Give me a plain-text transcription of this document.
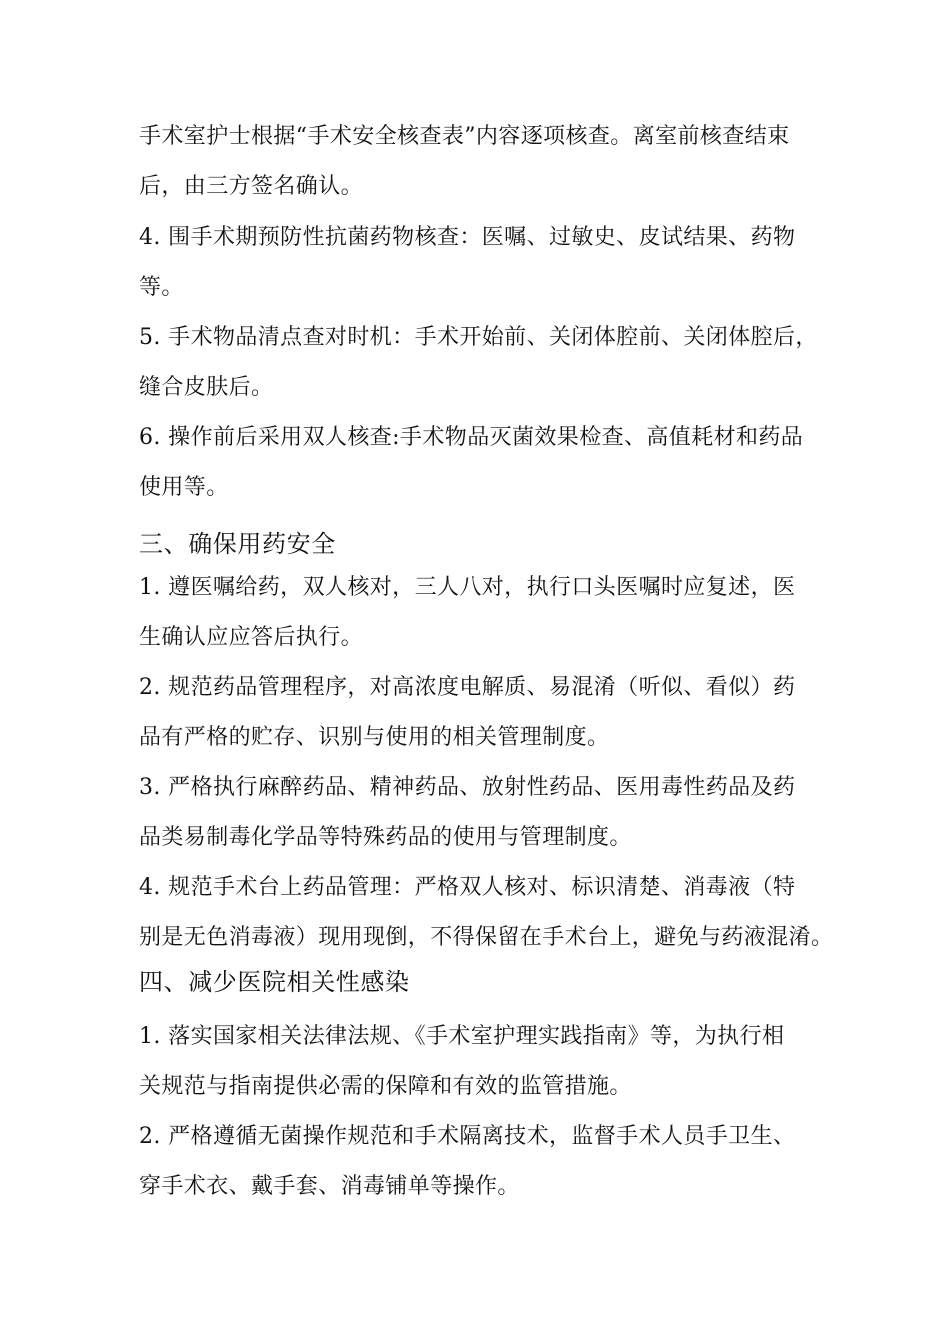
手术室护士根据“手术安全核查表”内容逐项核查。离室前核查结束
后，由三方签名确认。
4. 围手术期预防性抗菌药物核查：医嘱、过敏史、皮试结果、药物
等。
5. 手术物品清点查对时机：手术开始前、关闭体腔前、关闭体腔后，
缝合皮肤后。
6. 操作前后采用双人核查:手术物品灭菌效果检查、高值耗材和药品
使用等。
三、确保用药安全
1. 遵医嘱给药，双人核对，三人八对，执行口头医嘱时应复述，医
生确认应应答后执行。
2. 规范药品管理程序，对高浓度电解质、易混淆（听似、看似）药
品有严格的贮存、识别与使用的相关管理制度。
3. 严格执行麻醉药品、精神药品、放射性药品、医用毒性药品及药
品类易制毒化学品等特殊药品的使用与管理制度。
4. 规范手术台上药品管理：严格双人核对、标识清楚、消毒液（特
别是无色消毒液）现用现倒，不得保留在手术台上，避免与药液混淆。
四、减少医院相关性感染
1. 落实国家相关法律法规、《手术室护理实践指南》等，为执行相
关规范与指南提供必需的保障和有效的监管措施。
2. 严格遵循无菌操作规范和手术隔离技术，监督手术人员手卫生、
穿手术衣、戴手套、消毒铺单等操作。
